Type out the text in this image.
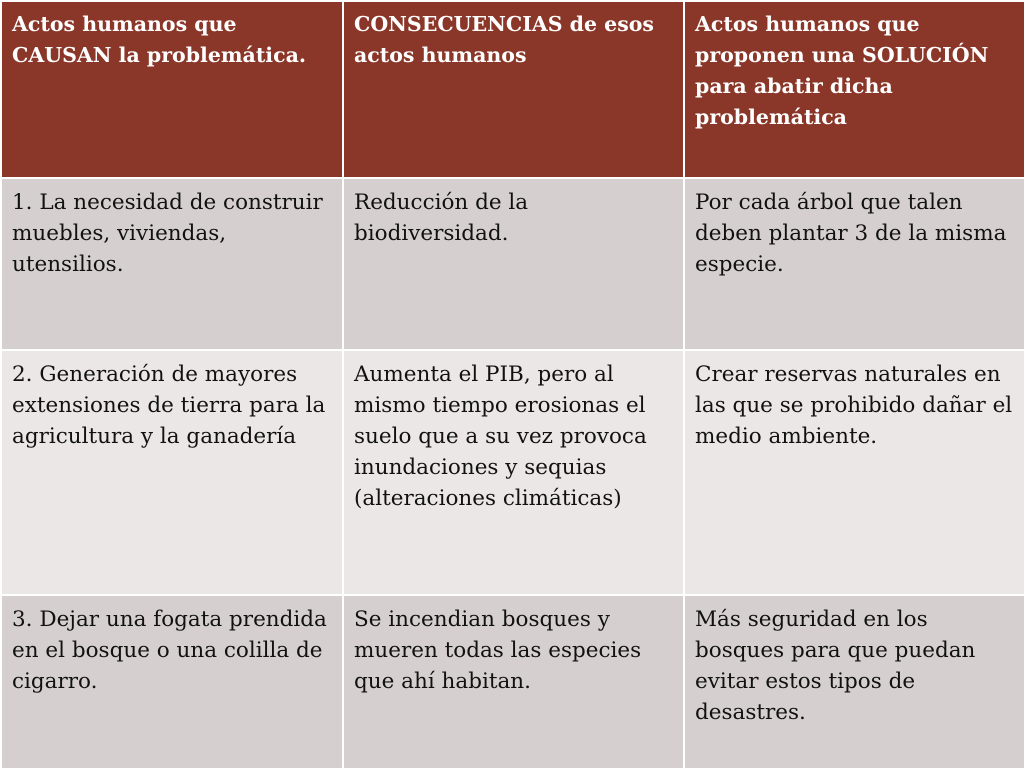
Actos humanos que CAUSAN la problemática.	CONSECUENCIAS de esos actos humanos	Actos humanos que proponen una SOLUCIÓN para abatir dicha problemática
1. La necesidad de construir muebles, viviendas, utensilios.	Reducción de la biodiversidad.	Por cada árbol que talen deben plantar 3 de la misma especie.
2. Generación de mayores extensiones de tierra para la agricultura y la ganadería	Aumenta el PIB, pero al mismo tiempo erosionas el suelo que a su vez provoca inundaciones y sequias (alteraciones climáticas)	Crear reservas naturales en las que se prohibido dañar el medio ambiente.
3. Dejar una fogata prendida en el bosque o una colilla de cigarro.	Se incendian bosques y mueren todas las especies que ahí habitan.	Más seguridad en los bosques para que puedan evitar estos tipos de desastres.
